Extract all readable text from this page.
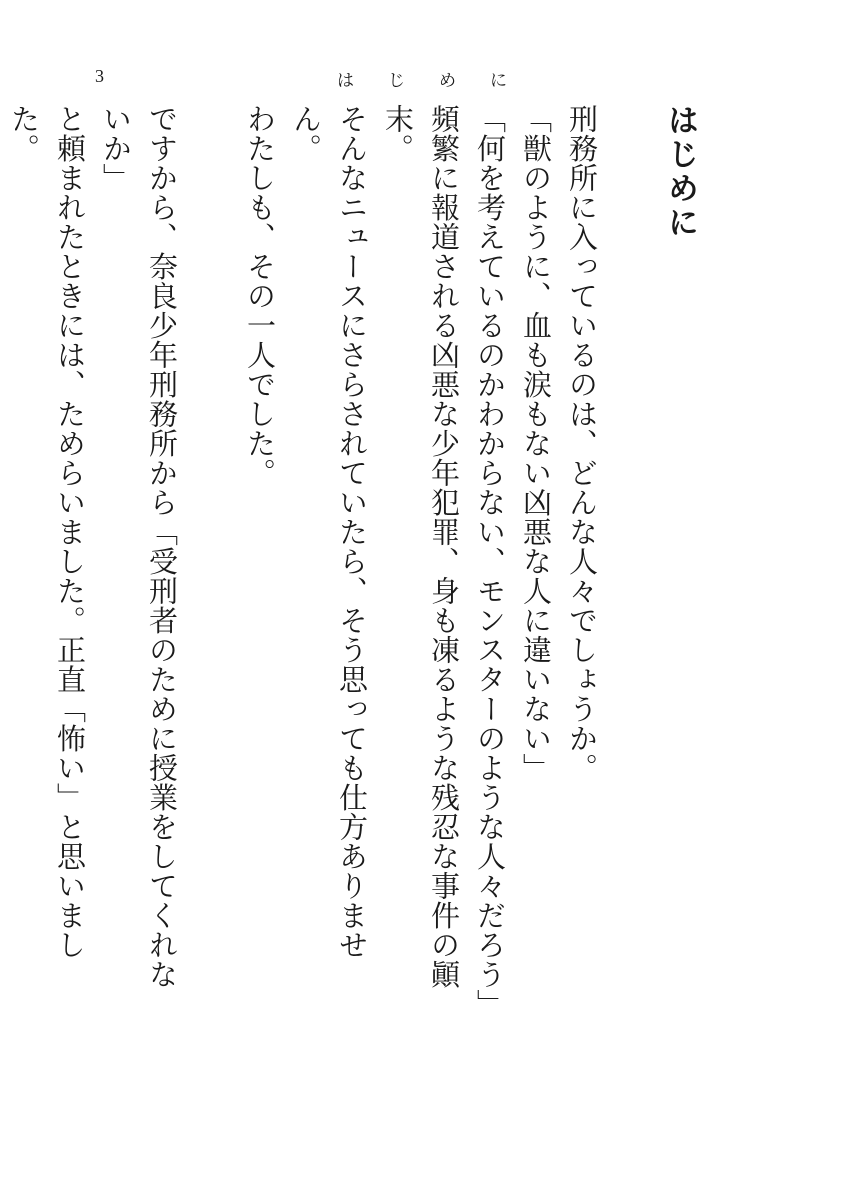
3	は じ め に
はじめに
刑務所に入っているのは、どんな人々でしょうか。
「獣のように、血も涙もない凶悪な人に違いない」
「何を考えているのかわからない、モンスターのような人々だろう」
頻繁に報道される凶悪な少年犯罪、身も凍るような残忍な事件の顚末。
そんなニュースにさらされていたら、そう思っても仕方ありません。
わたしも、その一人でした。
ですから、奈良少年刑務所から「受刑者のために授業をしてくれないか」
と頼まれたときには、ためらいました。正直「怖い」と思いました。
